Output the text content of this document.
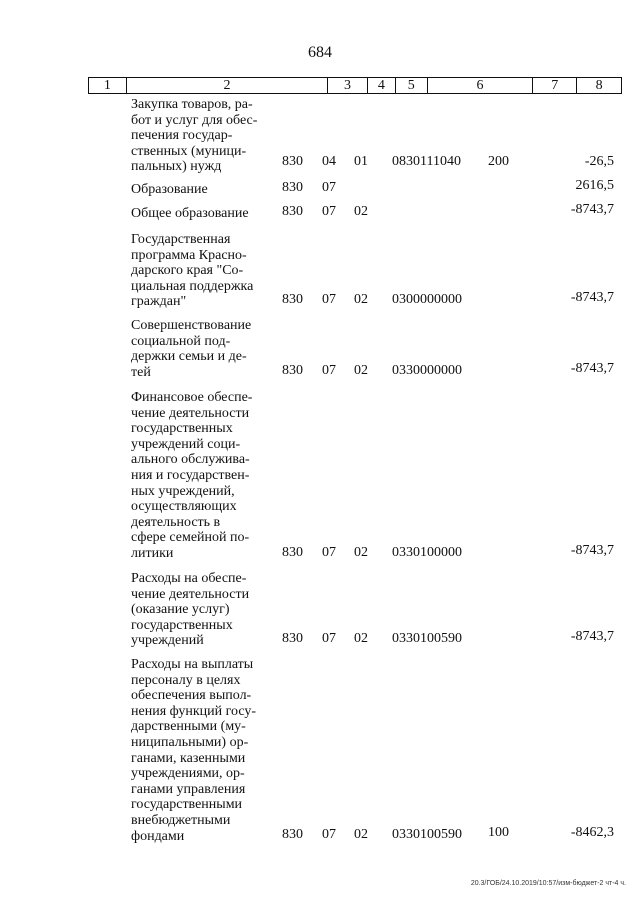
684
1	2	3	4	5	6	7	8
Закупка товаров, ра-
бот и услуг для обес-
печения государ-
ственных (муници-
пальных) нужд	830 04 01 0830111040 200	-26,5
Образование	830 07	2616,5
Общее образование	830 07 02	-8743,7
Государственная
программа Красно-
дарского края "Со-
циальная поддержка
граждан"	830 07 02 0300000000	-8743,7
Совершенствование
социальной под-
держки семьи и де-
тей	830 07 02 0330000000	-8743,7
Финансовое обеспе-
чение деятельности
государственных
учреждений соци-
ального обслужива-
ния и государствен-
ных учреждений,
осуществляющих
деятельность в
сфере семейной по-
литики	830 07 02 0330100000	-8743,7
Расходы на обеспе-
чение деятельности
(оказание услуг)
государственных
учреждений	830 07 02 0330100590	-8743,7
Расходы на выплаты
персоналу в целях
обеспечения выпол-
нения функций госу-
дарственными (му-
ниципальными) ор-
ганами, казенными
учреждениями, ор-
ганами управления
государственными
внебюджетными
фондами	830 07 02 0330100590 100	-8462,3
20.3/ГОБ/24.10.2019/10:57/изм-бюджет-2 чт-4 ч.
